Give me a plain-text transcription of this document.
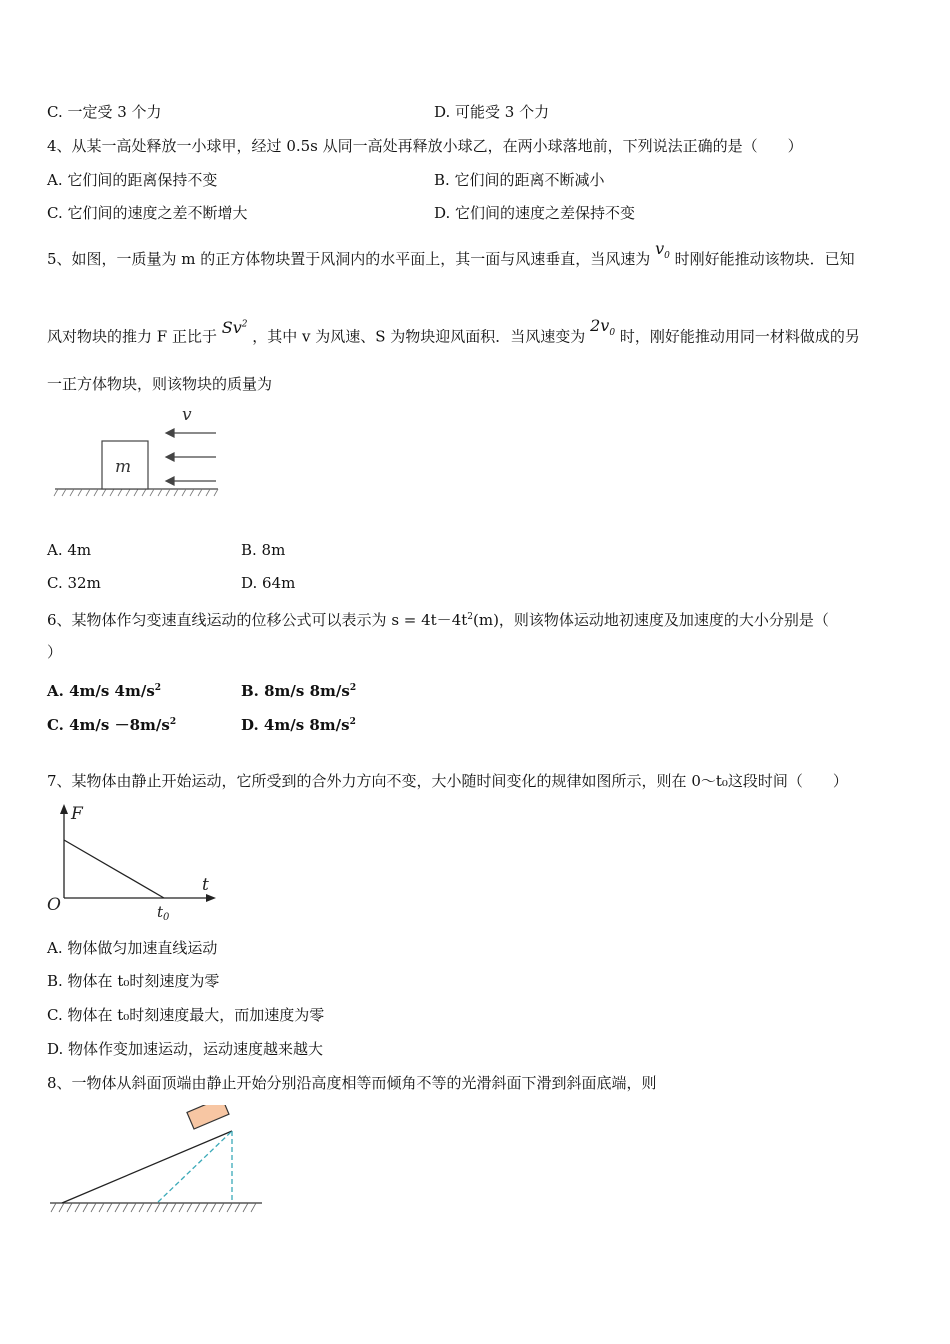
C. 一定受 3 个力	D. 可能受 3 个力
4、从某一高处释放一小球甲，经过 0.5s 从同一高处再释放小球乙，在两小球落地前，下列说法正确的是（　　）
A. 它们间的距离保持不变	B. 它们间的距离不断减小
C. 它们间的速度之差不断增大	D. 它们间的速度之差保持不变
5、如图，一质量为 m 的正方体物块置于风洞内的水平面上，其一面与风速垂直，当风速为 $v_0$ 时刚好能推动该物块．已知
风对物块的推力 F 正比于 Sv$^2$ ，其中 v 为风速、S 为物块迎风面积．当风速变为 $2v_0$ 时，刚好能推动用同一材料做成的另
一正方体物块，则该物块的质量为
m
v
A. 4m	B. 8m
C. 32m	D. 64m
6、某物体作匀变速直线运动的位移公式可以表示为 $s = 4t-4t^2(m)$，则该物体运动地初速度及加速度的大小分别是（
）
A. 4m/s $4m/s^2$	B. 8m/s $8m/s^2$
C. $4m/s -8m/s^2$	D. 4m/s $8m/s^2$
7、某物体由静止开始运动，它所受到的合外力方向不变，大小随时间变化的规律如图所示，则在 0～t₀这段时间（　　）
F
t
O	$t_0$
A. 物体做匀加速直线运动
B. 物体在 t₀时刻速度为零
C. 物体在 t₀时刻速度最大，而加速度为零
D. 物体作变加速运动，运动速度越来越大
8、一物体从斜面顶端由静止开始分别沿高度相等而倾角不等的光滑斜面下滑到斜面底端，则
